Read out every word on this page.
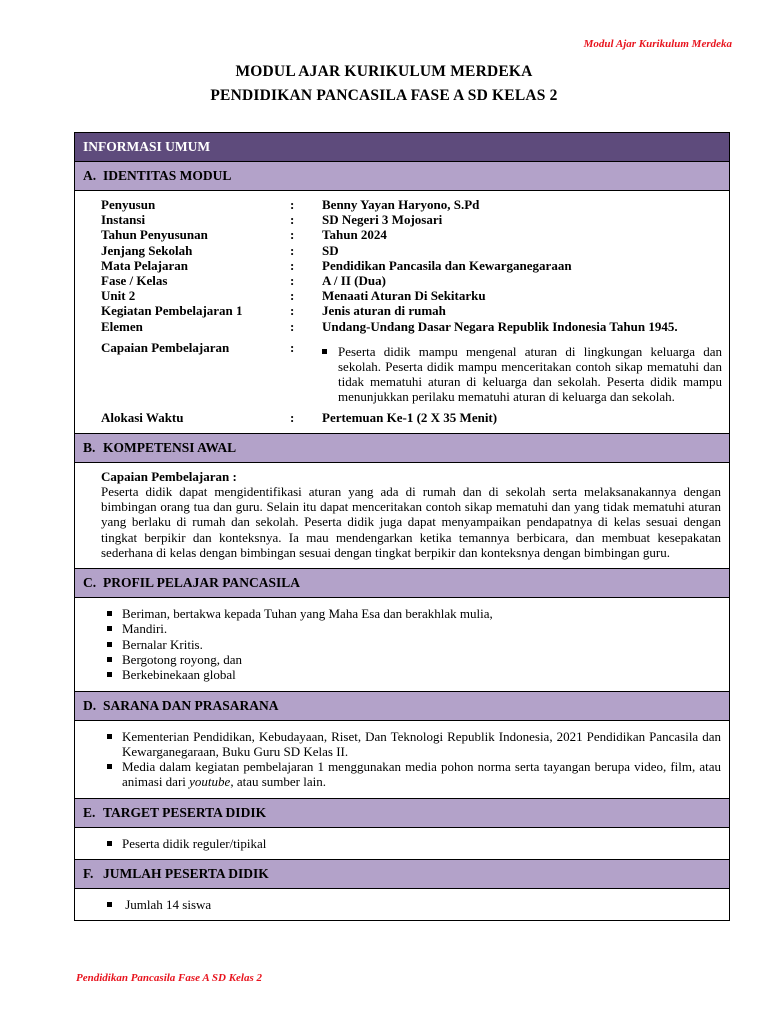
Modul Ajar Kurikulum Merdeka
MODUL AJAR KURIKULUM MERDEKA
PENDIDIKAN PANCASILA FASE A SD KELAS 2
INFORMASI UMUM
A. IDENTITAS MODUL
Penyusun	:	Benny Yayan Haryono, S.Pd
Instansi	:	SD Negeri 3 Mojosari
Tahun Penyusunan	:	Tahun 2024
Jenjang Sekolah	:	SD
Mata Pelajaran	:	Pendidikan Pancasila dan Kewarganegaraan
Fase / Kelas	:	A / II (Dua)
Unit 2	:	Menaati Aturan Di Sekitarku
Kegiatan Pembelajaran 1	:	Jenis aturan di rumah
Elemen	:	Undang-Undang Dasar Negara Republik Indonesia Tahun 1945.
Capaian Pembelajaran	:	Peserta didik mampu mengenal aturan di lingkungan keluarga dan sekolah. Peserta didik mampu menceritakan contoh sikap mematuhi dan tidak mematuhi aturan di keluarga dan sekolah. Peserta didik mampu menunjukkan perilaku mematuhi aturan di keluarga dan sekolah.
Alokasi Waktu	:	Pertemuan Ke-1 (2 X 35 Menit)
B. KOMPETENSI AWAL
Capaian Pembelajaran :
Peserta didik dapat mengidentifikasi aturan yang ada di rumah dan di sekolah serta melaksanakannya dengan bimbingan orang tua dan guru. Selain itu dapat menceritakan contoh sikap mematuhi dan yang tidak mematuhi aturan yang berlaku di rumah dan sekolah. Peserta didik juga dapat menyampaikan pendapatnya di kelas sesuai dengan tingkat berpikir dan konteksnya. Ia mau mendengarkan ketika temannya berbicara, dan membuat kesepakatan sederhana di kelas dengan bimbingan sesuai dengan tingkat berpikir dan konteksnya dengan bimbingan guru.
C. PROFIL PELAJAR PANCASILA
Beriman, bertakwa kepada Tuhan yang Maha Esa dan berakhlak mulia,
Mandiri.
Bernalar Kritis.
Bergotong royong, dan
Berkebinekaan global
D. SARANA DAN PRASARANA
Kementerian Pendidikan, Kebudayaan, Riset, Dan Teknologi Republik Indonesia, 2021 Pendidikan Pancasila dan Kewarganegaraan, Buku Guru SD Kelas II.
Media dalam kegiatan pembelajaran 1 menggunakan media pohon norma serta tayangan berupa video, film, atau animasi dari youtube, atau sumber lain.
E. TARGET PESERTA DIDIK
Peserta didik reguler/tipikal
F. JUMLAH PESERTA DIDIK
Jumlah 14 siswa
Pendidikan Pancasila Fase A SD Kelas 2
